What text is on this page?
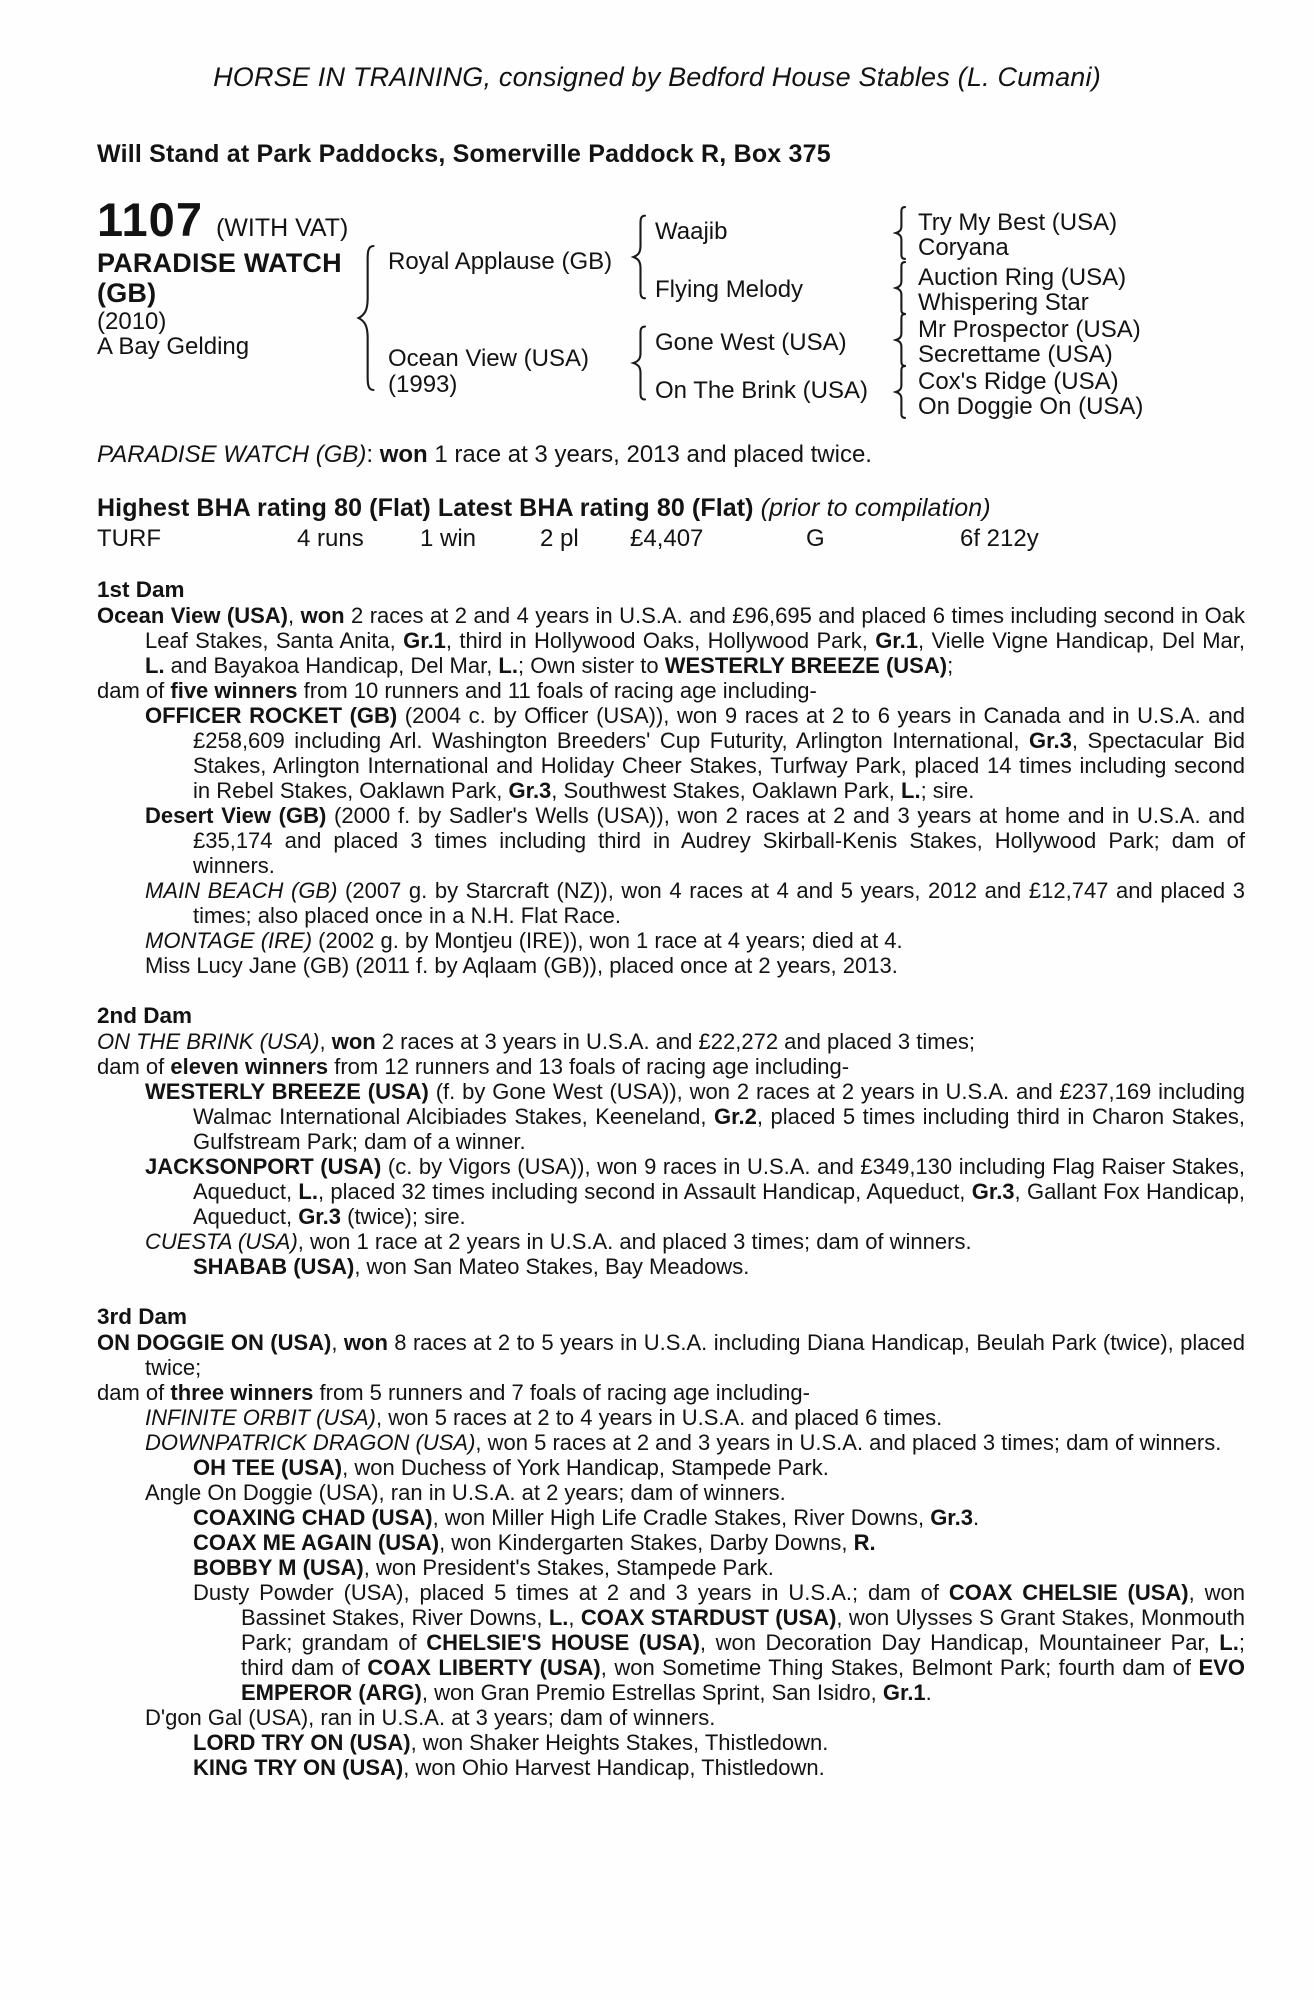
HORSE IN TRAINING, consigned by Bedford House Stables (L. Cumani)
Will Stand at Park Paddocks, Somerville Paddock R, Box 375
1107 (WITH VAT)
PARADISE WATCH (GB)
(2010)
A Bay Gelding
Royal Applause (GB)
Ocean View (USA)
(1993)
Waajib
Flying Melody
Gone West (USA)
On The Brink (USA)
Try My Best (USA)
Coryana
Auction Ring (USA)
Whispering Star
Mr Prospector (USA)
Secrettame (USA)
Cox's Ridge (USA)
On Doggie On (USA)

PARADISE WATCH (GB): won 1 race at 3 years, 2013 and placed twice.

Highest BHA rating 80 (Flat) Latest BHA rating 80 (Flat) (prior to compilation)

TURF	4 runs 1 win	2 pl £4,407	G	6f 212y

1st Dam

Ocean View (USA), won 2 races at 2 and 4 years in U.S.A. and £96,695 and placed 6 times including second in Oak Leaf Stakes, Santa Anita, Gr.1, third in Hollywood Oaks, Hollywood Park, Gr.1, Vielle Vigne Handicap, Del Mar, L. and Bayakoa Handicap, Del Mar, L.; Own sister to WESTERLY BREEZE (USA);

dam of five winners from 10 runners and 11 foals of racing age including-

OFFICER ROCKET (GB) (2004 c. by Officer (USA)), won 9 races at 2 to 6 years in Canada and in U.S.A. and £258,609 including Arl. Washington Breeders' Cup Futurity, Arlington International, Gr.3, Spectacular Bid Stakes, Arlington International and Holiday Cheer Stakes, Turfway Park, placed 14 times including second in Rebel Stakes, Oaklawn Park, Gr.3, Southwest Stakes, Oaklawn Park, L.; sire.

Desert View (GB) (2000 f. by Sadler's Wells (USA)), won 2 races at 2 and 3 years at home and in U.S.A. and £35,174 and placed 3 times including third in Audrey Skirball-Kenis Stakes, Hollywood Park; dam of winners.

MAIN BEACH (GB) (2007 g. by Starcraft (NZ)), won 4 races at 4 and 5 years, 2012 and £12,747 and placed 3 times; also placed once in a N.H. Flat Race.

MONTAGE (IRE) (2002 g. by Montjeu (IRE)), won 1 race at 4 years; died at 4.

Miss Lucy Jane (GB) (2011 f. by Aqlaam (GB)), placed once at 2 years, 2013.

2nd Dam

ON THE BRINK (USA), won 2 races at 3 years in U.S.A. and £22,272 and placed 3 times;

dam of eleven winners from 12 runners and 13 foals of racing age including-

WESTERLY BREEZE (USA) (f. by Gone West (USA)), won 2 races at 2 years in U.S.A. and £237,169 including Walmac International Alcibiades Stakes, Keeneland, Gr.2, placed 5 times including third in Charon Stakes, Gulfstream Park; dam of a winner.

JACKSONPORT (USA) (c. by Vigors (USA)), won 9 races in U.S.A. and £349,130 including Flag Raiser Stakes, Aqueduct, L., placed 32 times including second in Assault Handicap, Aqueduct, Gr.3, Gallant Fox Handicap, Aqueduct, Gr.3 (twice); sire.

CUESTA (USA), won 1 race at 2 years in U.S.A. and placed 3 times; dam of winners.

SHABAB (USA), won San Mateo Stakes, Bay Meadows.

3rd Dam

ON DOGGIE ON (USA), won 8 races at 2 to 5 years in U.S.A. including Diana Handicap, Beulah Park (twice), placed twice;

dam of three winners from 5 runners and 7 foals of racing age including-

INFINITE ORBIT (USA), won 5 races at 2 to 4 years in U.S.A. and placed 6 times.

DOWNPATRICK DRAGON (USA), won 5 races at 2 and 3 years in U.S.A. and placed 3 times; dam of winners.

OH TEE (USA), won Duchess of York Handicap, Stampede Park.

Angle On Doggie (USA), ran in U.S.A. at 2 years; dam of winners.

COAXING CHAD (USA), won Miller High Life Cradle Stakes, River Downs, Gr.3.

COAX ME AGAIN (USA), won Kindergarten Stakes, Darby Downs, R.

BOBBY M (USA), won President's Stakes, Stampede Park.

Dusty Powder (USA), placed 5 times at 2 and 3 years in U.S.A.; dam of COAX CHELSIE (USA), won Bassinet Stakes, River Downs, L., COAX STARDUST (USA), won Ulysses S Grant Stakes, Monmouth Park; grandam of CHELSIE'S HOUSE (USA), won Decoration Day Handicap, Mountaineer Par, L.; third dam of COAX LIBERTY (USA), won Sometime Thing Stakes, Belmont Park; fourth dam of EVO EMPEROR (ARG), won Gran Premio Estrellas Sprint, San Isidro, Gr.1.

D'gon Gal (USA), ran in U.S.A. at 3 years; dam of winners.

LORD TRY ON (USA), won Shaker Heights Stakes, Thistledown.

KING TRY ON (USA), won Ohio Harvest Handicap, Thistledown.
